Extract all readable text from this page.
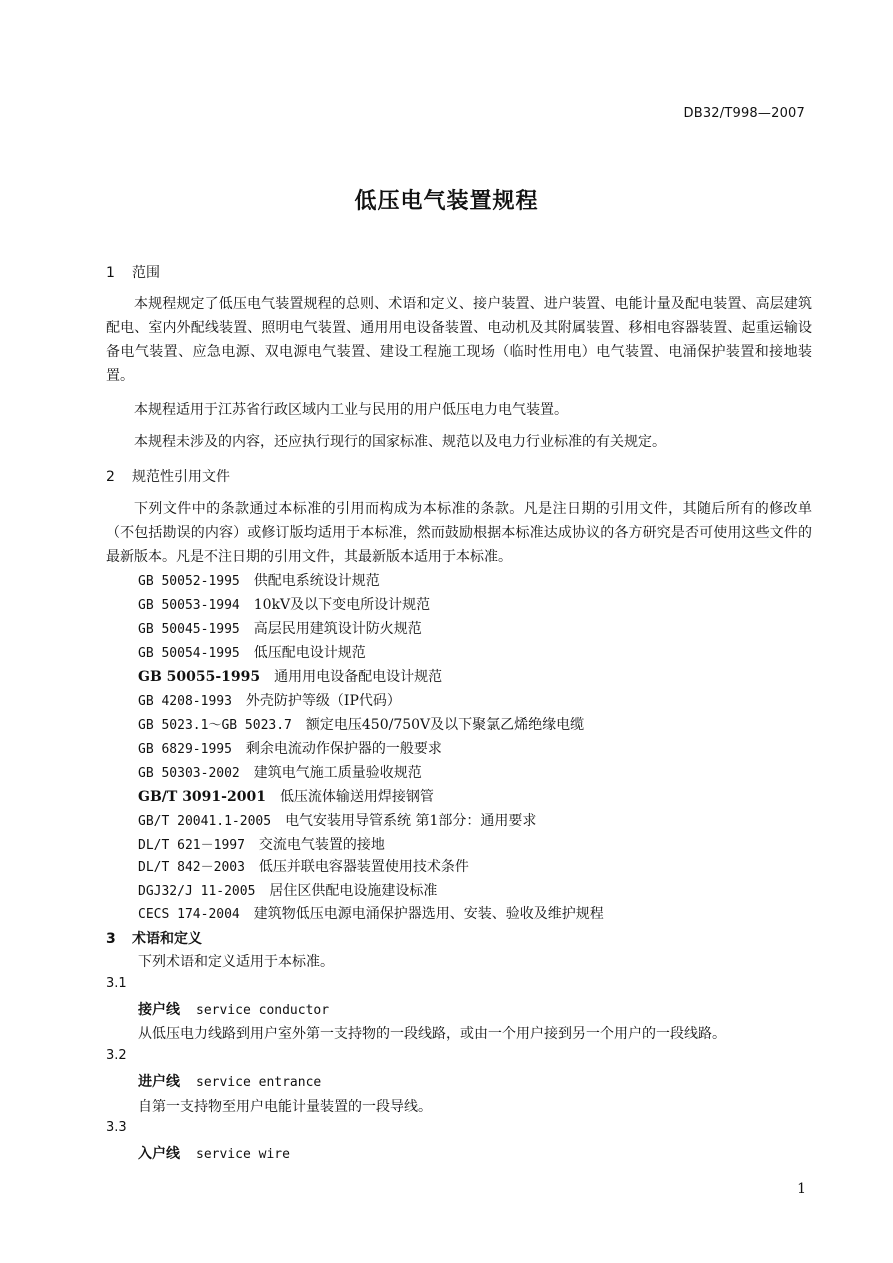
DB32/T998—2007
低压电气装置规程
1 范围
本规程规定了低压电气装置规程的总则、术语和定义、接户装置、进户装置、电能计量及配电装置、高层建筑配电、室内外配线装置、照明电气装置、通用用电设备装置、电动机及其附属装置、移相电容器装置、起重运输设备电气装置、应急电源、双电源电气装置、建设工程施工现场（临时性用电）电气装置、电涌保护装置和接地装置。
本规程适用于江苏省行政区域内工业与民用的用户低压电力电气装置。
本规程未涉及的内容，还应执行现行的国家标准、规范以及电力行业标准的有关规定。
2 规范性引用文件
下列文件中的条款通过本标准的引用而构成为本标准的条款。凡是注日期的引用文件，其随后所有的修改单（不包括勘误的内容）或修订版均适用于本标准，然而鼓励根据本标准达成协议的各方研究是否可使用这些文件的最新版本。凡是不注日期的引用文件，其最新版本适用于本标准。
GB 50052-1995 供配电系统设计规范
GB 50053-1994 10kV及以下变电所设计规范
GB 50045-1995 高层民用建筑设计防火规范
GB 50054-1995 低压配电设计规范
GB 50055-1995 通用用电设备配电设计规范
GB 4208-1993 外壳防护等级（IP代码）
GB 5023.1～GB 5023.7 额定电压450/750V及以下聚氯乙烯绝缘电缆
GB 6829-1995 剩余电流动作保护器的一般要求
GB 50303-2002 建筑电气施工质量验收规范
GB/T 3091-2001 低压流体输送用焊接钢管
GB/T 20041.1-2005 电气安装用导管系统 第1部分：通用要求
DL/T 621－1997 交流电气装置的接地
DL/T 842－2003 低压并联电容器装置使用技术条件
DGJ32/J 11-2005 居住区供配电设施建设标准
CECS 174-2004 建筑物低压电源电涌保护器选用、安装、验收及维护规程
3 术语和定义
下列术语和定义适用于本标准。
3.1
接户线 service conductor
从低压电力线路到用户室外第一支持物的一段线路，或由一个用户接到另一个用户的一段线路。
3.2
进户线 service entrance
自第一支持物至用户电能计量装置的一段导线。
3.3
入户线 service wire
1
